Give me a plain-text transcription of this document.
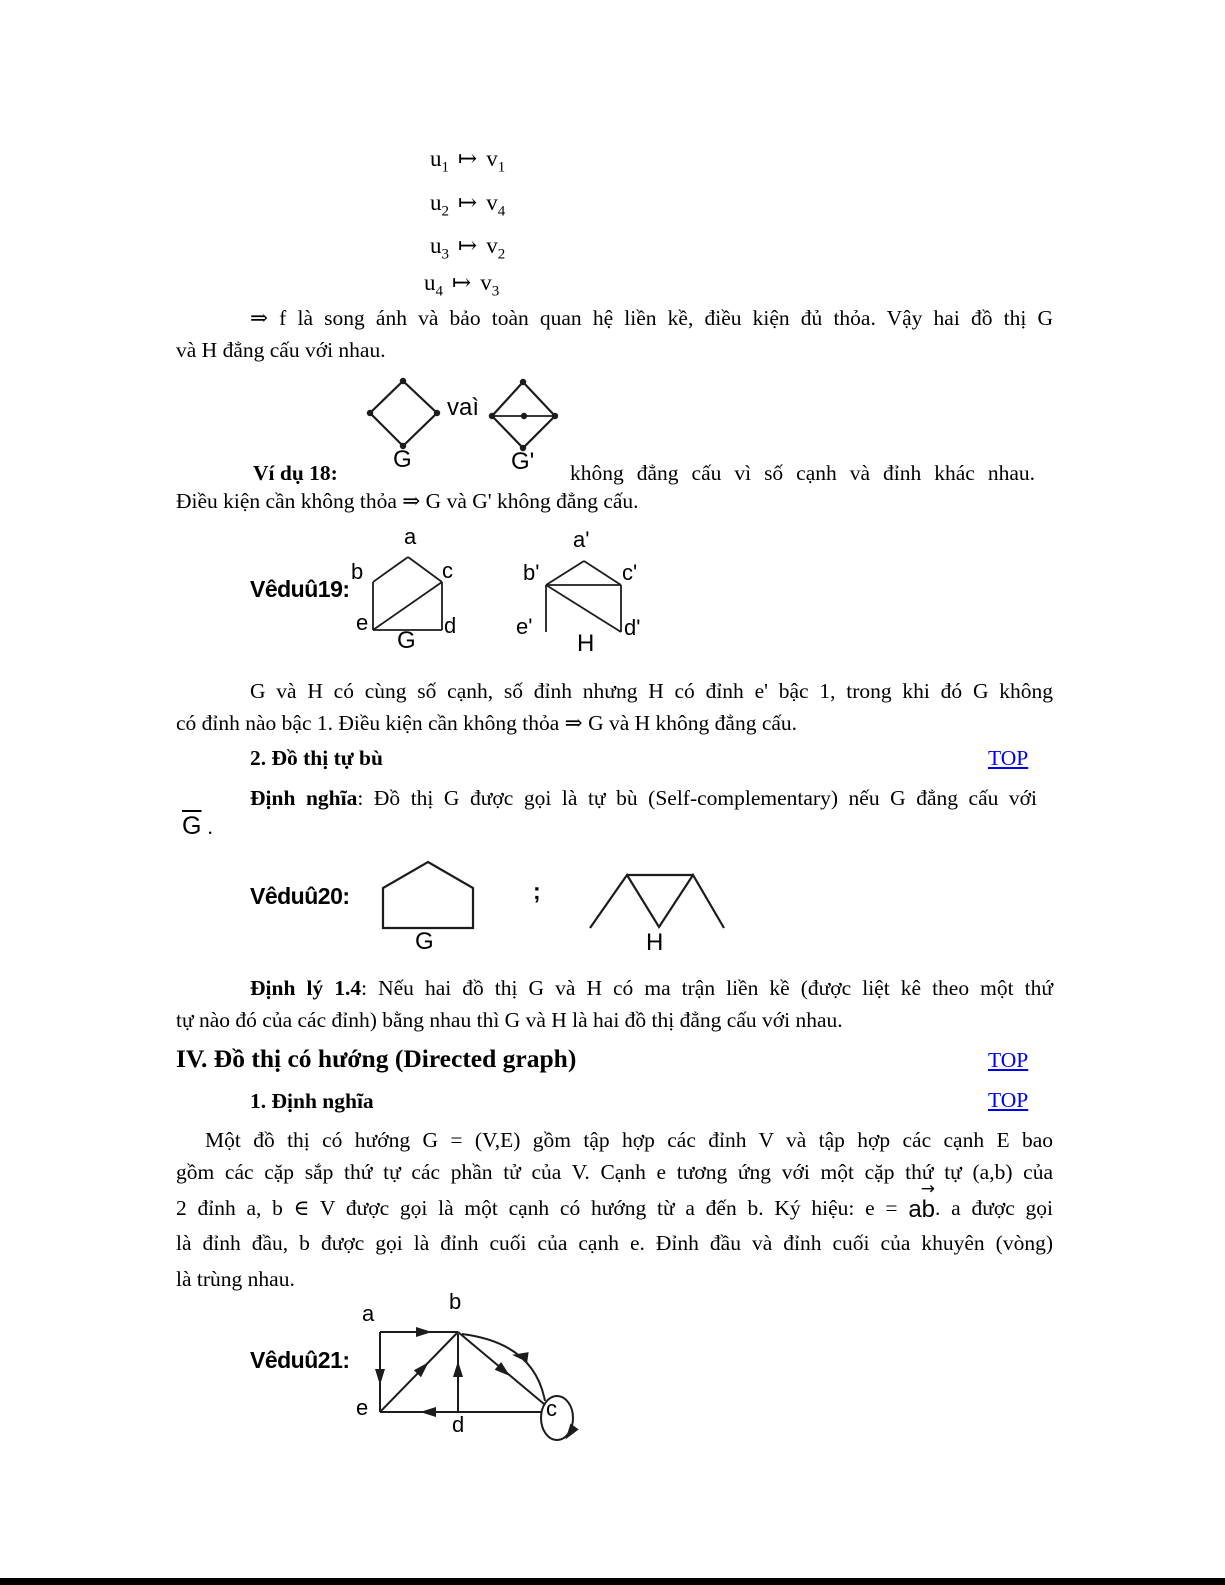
$u_1$ ↦ $v_1$
$u_2$ ↦ $v_4$
$u_3$ ↦ $v_2$
$u_4$ ↦ $v_3$
⇒ f là song ánh và bảo toàn quan hệ liền kề, điều kiện đủ thỏa. Vậy hai đồ thị G
và H đẳng cấu với nhau.
vaì
G	G'
Ví dụ 18:	không đẳng cấu vì số cạnh và đỉnh khác nhau.
Điều kiện cần không thỏa ⇒ G và G' không đẳng cấu.
Vêduû19:
a
b	c
e	d
G
a'
b'	c'
e'	d'
H
G và H có cùng số cạnh, số đỉnh nhưng H có đỉnh e' bậc 1, trong khi đó G không
có đỉnh nào bậc 1. Điều kiện cần không thỏa ⇒ G và H không đẳng cấu.
2. Đồ thị tự bù	TOP
Định nghĩa: Đồ thị G được gọi là tự bù (Self-complementary) nếu G đẳng cấu với
$\overline{G}$ .
Vêduû20:
G
;
H
Định lý 1.4: Nếu hai đồ thị G và H có ma trận liền kề (được liệt kê theo một thứ
tự nào đó của các đỉnh) bằng nhau thì G và H là hai đồ thị đẳng cấu với nhau.
IV. Đồ thị có hướng (Directed graph)	TOP
1. Định nghĩa	TOP
Một đồ thị có hướng G = (V,E) gồm tập hợp các đỉnh V và tập hợp các cạnh E bao
gồm các cặp sắp thứ tự các phần tử của V. Cạnh e tương ứng với một cặp thứ tự (a,b) của
2 đỉnh a, b ∈ V được gọi là một cạnh có hướng từ a đến b. Ký hiệu: e =
→
ab. a được gọi
là đỉnh đầu, b được gọi là đỉnh cuối của cạnh e. Đỉnh đầu và đỉnh cuối của khuyên (vòng)
là trùng nhau.
Vêduû21:
a	b
e
d
c
